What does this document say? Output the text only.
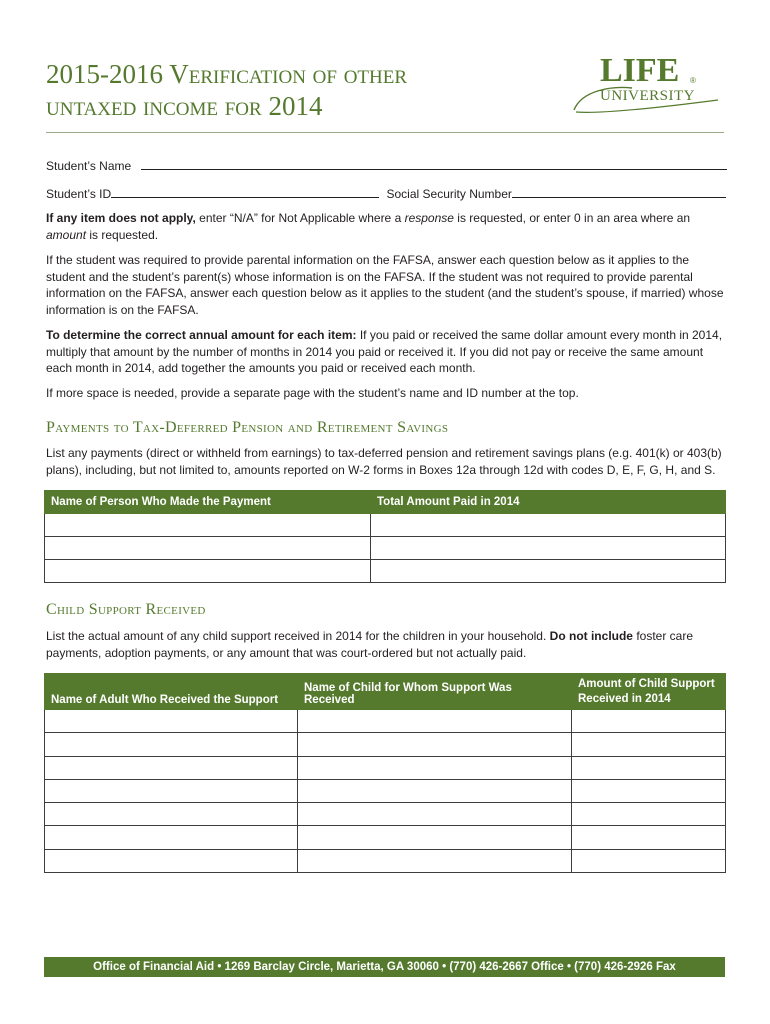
2015-2016 Verification of other
untaxed income for 2014
LIFE ®
UNIVERSITY
Student’s Name
Student’s ID	Social Security Number

If any item does not apply, enter “N/A” for Not Applicable where a response is requested, or enter 0 in an area where an amount is requested.

If the student was required to provide parental information on the FAFSA, answer each question below as it applies to the student and the student’s parent(s) whose information is on the FAFSA. If the student was not required to provide parental information on the FAFSA, answer each question below as it applies to the student (and the student’s spouse, if married) whose information is on the FAFSA.

To determine the correct annual amount for each item: If you paid or received the same dollar amount every month in 2014, multiply that amount by the number of months in 2014 you paid or received it. If you did not pay or receive the same amount each month in 2014, add together the amounts you paid or received each month.

If more space is needed, provide a separate page with the student’s name and ID number at the top.

Payments to Tax-Deferred Pension and Retirement Savings

List any payments (direct or withheld from earnings) to tax-deferred pension and retirement savings plans (e.g. 401(k) or 403(b) plans), including, but not limited to, amounts reported on W-2 forms in Boxes 12a through 12d with codes D, E, F, G, H, and S.

Name of Person Who Made the Payment	Total Amount Paid in 2014

Child Support Received

List the actual amount of any child support received in 2014 for the children in your household. Do not include foster care payments, adoption payments, or any amount that was court-ordered but not actually paid.

Name of Adult Who Received the Support	Name of Child for Whom Support Was Received	Amount of Child Support Received in 2014

Office of Financial Aid • 1269 Barclay Circle, Marietta, GA 30060 • (770) 426-2667 Office • (770) 426-2926 Fax
